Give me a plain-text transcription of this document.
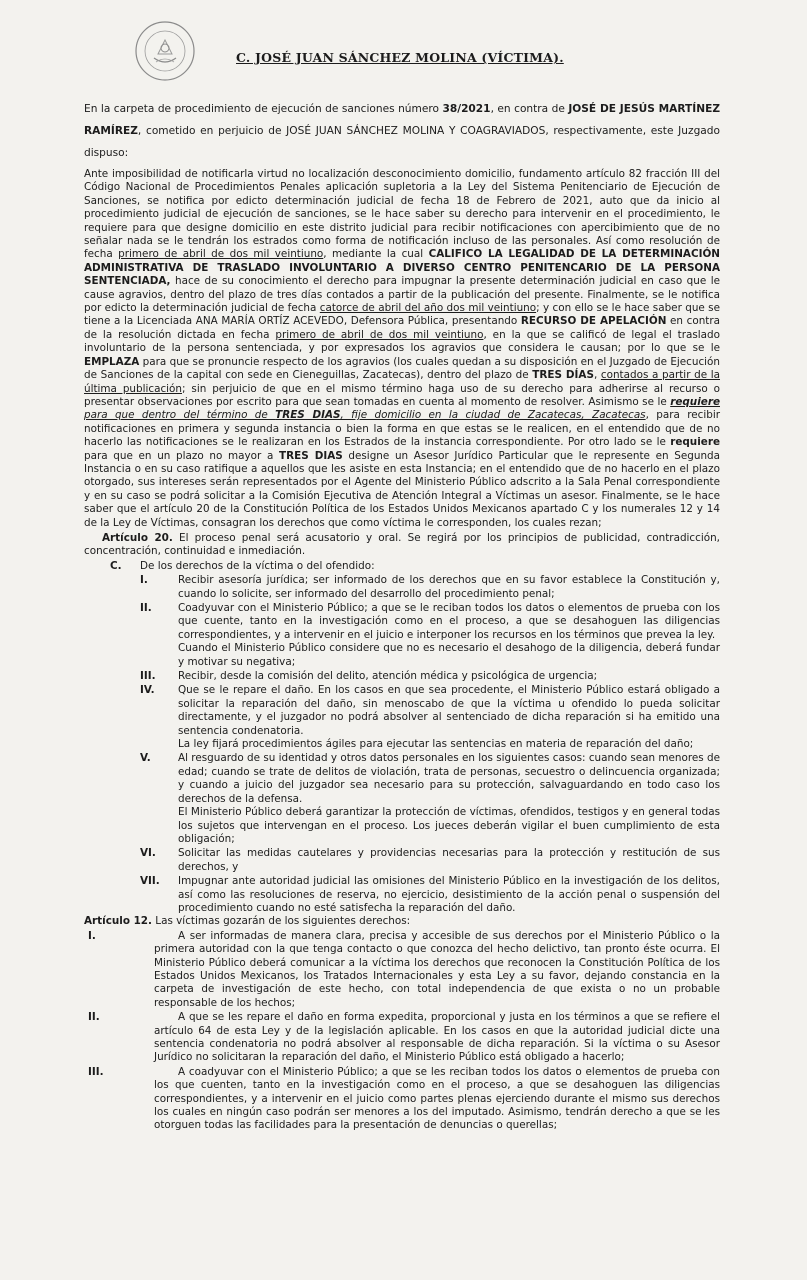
C. JOSÉ JUAN SÁNCHEZ MOLINA (VÍCTIMA).

En la carpeta de procedimiento de ejecución de sanciones número 38/2021, en contra de JOSÉ DE JESÚS MARTÍNEZ RAMÍREZ, cometido en perjuicio de JOSÉ JUAN SÁNCHEZ MOLINA Y COAGRAVIADOS, respectivamente, este Juzgado dispuso:

Ante imposibilidad de notificarla virtud no localización desconocimiento domicilio, fundamento artículo 82 fracción III del Código Nacional de Procedimientos Penales aplicación supletoria a la Ley del Sistema Penitenciario de Ejecución de Sanciones, se notifica por edicto determinación judicial de fecha 18 de Febrero de 2021, auto que da inicio al procedimiento judicial de ejecución de sanciones, se le hace saber su derecho para intervenir en el procedimiento, le requiere para que designe domicilio en este distrito judicial para recibir notificaciones con apercibimiento que de no señalar nada se le tendrán los estrados como forma de notificación incluso de las personales. Así como resolución de fecha primero de abril de dos mil veintiuno, mediante la cual CALIFICO LA LEGALIDAD DE LA DETERMINACIÓN ADMINISTRATIVA DE TRASLADO INVOLUNTARIO A DIVERSO CENTRO PENITENCARIO DE LA PERSONA SENTENCIADA, hace de su conocimiento el derecho para impugnar la presente determinación judicial en caso que le cause agravios, dentro del plazo de tres días contados a partir de la publicación del presente. Finalmente, se le notifica por edicto la determinación judicial de fecha catorce de abril del año dos mil veintiuno; y con ello se le hace saber que se tiene a la Licenciada ANA MARÍA ORTÍZ ACEVEDO, Defensora Pública, presentando RECURSO DE APELACIÓN en contra de la resolución dictada en fecha primero de abril de dos mil veintiuno, en la que se calificó de legal el traslado involuntario de la persona sentenciada, y por expresados los agravios que considera le causan; por lo que se le EMPLAZA para que se pronuncie respecto de los agravios (los cuales quedan a su disposición en el Juzgado de Ejecución de Sanciones de la capital con sede en Cieneguillas, Zacatecas), dentro del plazo de TRES DÍAS, contados a partir de la última publicación; sin perjuicio de que en el mismo término haga uso de su derecho para adherirse al recurso o presentar observaciones por escrito para que sean tomadas en cuenta al momento de resolver. Asimismo se le requiere para que dentro del término de TRES DIAS, fije domicilio en la ciudad de Zacatecas, Zacatecas, para recibir notificaciones en primera y segunda instancia o bien la forma en que estas se le realicen, en el entendido que de no hacerlo las notificaciones se le realizaran en los Estrados de la instancia correspondiente. Por otro lado se le requiere para que en un plazo no mayor a TRES DIAS designe un Asesor Jurídico Particular que le represente en Segunda Instancia o en su caso ratifique a aquellos que les asiste en esta Instancia; en el entendido que de no hacerlo en el plazo otorgado, sus intereses serán representados por el Agente del Ministerio Público adscrito a la Sala Penal correspondiente y en su caso se podrá solicitar a la Comisión Ejecutiva de Atención Integral a Víctimas un asesor. Finalmente, se le hace saber que el artículo 20 de la Constitución Política de los Estados Unidos Mexicanos apartado C y los numerales 12 y 14 de la Ley de Víctimas, consagran los derechos que como víctima le corresponden, los cuales rezan;

Artículo 20. El proceso penal será acusatorio y oral. Se regirá por los principios de publicidad, contradicción, concentración, continuidad e inmediación.

C.	De los derechos de la víctima o del ofendido:
I.	Recibir asesoría jurídica; ser informado de los derechos que en su favor establece la Constitución y, cuando lo solicite, ser informado del desarrollo del procedimiento penal;

II.	Coadyuvar con el Ministerio Público; a que se le reciban todos los datos o elementos de prueba con los que cuente, tanto en la investigación como en el proceso, a que se desahoguen las diligencias correspondientes, y a intervenir en el juicio e interponer los recursos en los términos que prevea la ley.

Cuando el Ministerio Público considere que no es necesario el desahogo de la diligencia, deberá fundar y motivar su negativa;

III.	Recibir, desde la comisión del delito, atención médica y psicológica de urgencia;

IV.	Que se le repare el daño. En los casos en que sea procedente, el Ministerio Público estará obligado a solicitar la reparación del daño, sin menoscabo de que la víctima u ofendido lo pueda solicitar directamente, y el juzgador no podrá absolver al sentenciado de dicha reparación si ha emitido una sentencia condenatoria.

La ley fijará procedimientos ágiles para ejecutar las sentencias en materia de reparación del daño;

V.	Al resguardo de su identidad y otros datos personales en los siguientes casos: cuando sean menores de edad; cuando se trate de delitos de violación, trata de personas, secuestro o delincuencia organizada; y cuando a juicio del juzgador sea necesario para su protección, salvaguardando en todo caso los derechos de la defensa.

El Ministerio Público deberá garantizar la protección de víctimas, ofendidos, testigos y en general todas los sujetos que intervengan en el proceso. Los jueces deberán vigilar el buen cumplimiento de esta obligación;

VI.	Solicitar las medidas cautelares y providencias necesarias para la protección y restitución de sus derechos, y

VII.	Impugnar ante autoridad judicial las omisiones del Ministerio Público en la investigación de los delitos, así como las resoluciones de reserva, no ejercicio, desistimiento de la acción penal o suspensión del procedimiento cuando no esté satisfecha la reparación del daño.

Artículo 12. Las víctimas gozarán de los siguientes derechos:

I.	A ser informadas de manera clara, precisa y accesible de sus derechos por el Ministerio Público o la primera autoridad con la que tenga contacto o que conozca del hecho delictivo, tan pronto éste ocurra. El Ministerio Público deberá comunicar a la víctima los derechos que reconocen la Constitución Política de los Estados Unidos Mexicanos, los Tratados Internacionales y esta Ley a su favor, dejando constancia en la carpeta de investigación de este hecho, con total independencia de que exista o no un probable responsable de los hechos;
II.	A que se les repare el daño en forma expedita, proporcional y justa en los términos a que se refiere el artículo 64 de esta Ley y de la legislación aplicable. En los casos en que la autoridad judicial dicte una sentencia condenatoria no podrá absolver al responsable de dicha reparación. Si la víctima o su Asesor Jurídico no solicitaran la reparación del daño, el Ministerio Público está obligado a hacerlo;
III.	A coadyuvar con el Ministerio Público; a que se les reciban todos los datos o elementos de prueba con los que cuenten, tanto en la investigación como en el proceso, a que se desahoguen las diligencias correspondientes, y a intervenir en el juicio como partes plenas ejerciendo durante el mismo sus derechos los cuales en ningún caso podrán ser menores a los del imputado. Asimismo, tendrán derecho a que se les otorguen todas las facilidades para la presentación de denuncias o querellas;
